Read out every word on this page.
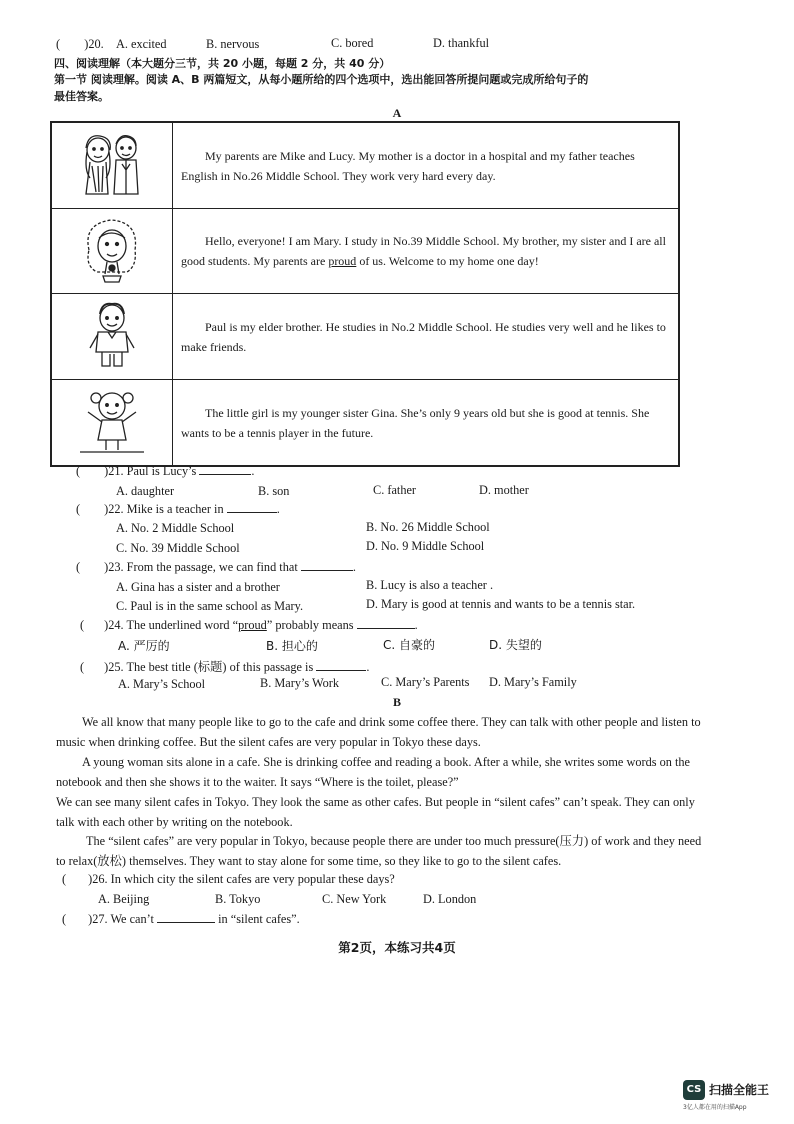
( )20. A. excited	B. nervous	C. bored	D. thankful
四、阅读理解（本大题分三节，共 20 小题，每题 2 分，共 40 分）
第一节 阅读理解。阅读 A、B 两篇短文，从每小题所给的四个选项中，选出能回答所提问题或完成所给句子的
最佳答案。
A
	My parents are Mike and Lucy. My mother is a doctor in a hospital and my father teaches English in No.26 Middle School. They work very hard every day.
	Hello, everyone! I am Mary. I study in No.39 Middle School. My brother, my sister and I are all good students. My parents are proud of us. Welcome to my home one day!
	Paul is my elder brother. He studies in No.2 Middle School. He studies very well and he likes to make friends.
	The little girl is my younger sister Gina. She’s only 9 years old but she is good at tennis. She wants to be a tennis player in the future.
( )21. Paul is Lucy’s	.
A. daughter	B. son	C. father	D. mother
( )22. Mike is a teacher in	.
A. No. 2 Middle School	B. No. 26 Middle School
C. No. 39 Middle School	D. No. 9 Middle School
( )23. From the passage, we can find that	.
A. Gina has a sister and a brother	B. Lucy is also a teacher .
C. Paul is in the same school as Mary.	D. Mary is good at tennis and wants to be a tennis star.
( )24. The underlined word “proud” probably means	.
A. 严厉的	B. 担心的	C. 自豪的	D. 失望的
( )25. The best title (标题) of this passage is	.
A. Mary’s School	B. Mary’s Work	C. Mary’s Parents D. Mary’s Family
B
We all know that many people like to go to the cafe and drink some coffee there. They can talk with other people and listen to music when drinking coffee. But the silent cafes are very popular in Tokyo these days.
A young woman sits alone in a cafe. She is drinking coffee and reading a book. After a while, she writes some words on the notebook and then she shows it to the waiter. It says “Where is the toilet, please?”
We can see many silent cafes in Tokyo. They look the same as other cafes. But people in “silent cafes” can’t speak. They can only talk with each other by writing on the notebook.
The “silent cafes” are very popular in Tokyo, because people there are under too much pressure(压力) of work and they need to relax(放松) themselves. They want to stay alone for some time, so they like to go to the silent cafes.
( )26. In which city the silent cafes are very popular these days?
A. Beijing	B. Tokyo	C. New York	D. London
( )27. We can’t	in “silent cafes”.
第2页，本练习共4页
CS 扫描全能王
3亿人都在用的扫描App
